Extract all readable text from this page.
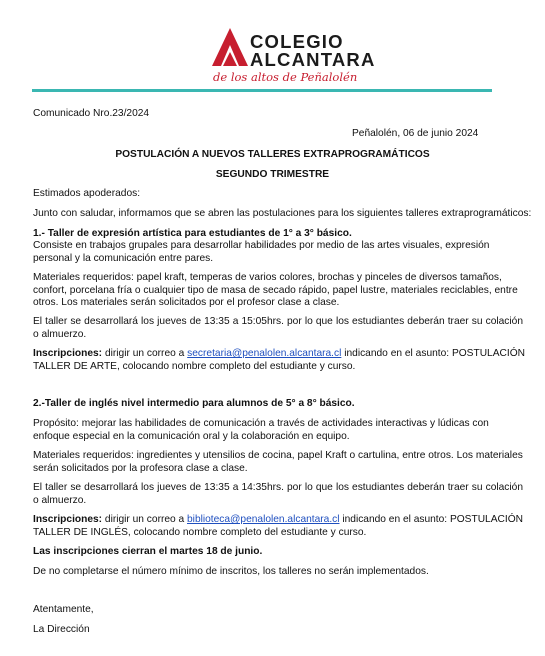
COLEGIO
ALCANTARA
de los altos de Peñalolén
Comunicado Nro.23/2024
Peñalolén, 06 de junio 2024
POSTULACIÓN A NUEVOS TALLERES EXTRAPROGRAMÁTICOS
SEGUNDO TRIMESTRE
Estimados apoderados:
Junto con saludar, informamos que se abren las postulaciones para los siguientes talleres extraprogramáticos:
1.- Taller de expresión artística para estudiantes de 1° a 3° básico.
Consiste en trabajos grupales para desarrollar habilidades por medio de las artes visuales, expresión personal y la comunicación entre pares.
Materiales requeridos: papel kraft, temperas de varios colores, brochas y pinceles de diversos tamaños, confort, porcelana fría o cualquier tipo de masa de secado rápido, papel lustre, materiales reciclables, entre otros. Los materiales serán solicitados por el profesor clase a clase.
El taller se desarrollará los jueves de 13:35 a 15:05hrs. por lo que los estudiantes deberán traer su colación o almuerzo.
Inscripciones: dirigir un correo a secretaria@penalolen.alcantara.cl indicando en el asunto: POSTULACIÓN TALLER DE ARTE, colocando nombre completo del estudiante y curso.
2.-Taller de inglés nivel intermedio para alumnos de 5° a 8° básico.
Propósito: mejorar las habilidades de comunicación a través de actividades interactivas y lúdicas con enfoque especial en la comunicación oral y la colaboración en equipo.
Materiales requeridos: ingredientes y utensilios de cocina, papel Kraft o cartulina, entre otros. Los materiales serán solicitados por la profesora clase a clase.
El taller se desarrollará los jueves de 13:35 a 14:35hrs. por lo que los estudiantes deberán traer su colación o almuerzo.
Inscripciones: dirigir un correo a biblioteca@penalolen.alcantara.cl indicando en el asunto: POSTULACIÓN TALLER DE INGLÉS, colocando nombre completo del estudiante y curso.
Las inscripciones cierran el martes 18 de junio.
De no completarse el número mínimo de inscritos, los talleres no serán implementados.
Atentamente,
La Dirección
